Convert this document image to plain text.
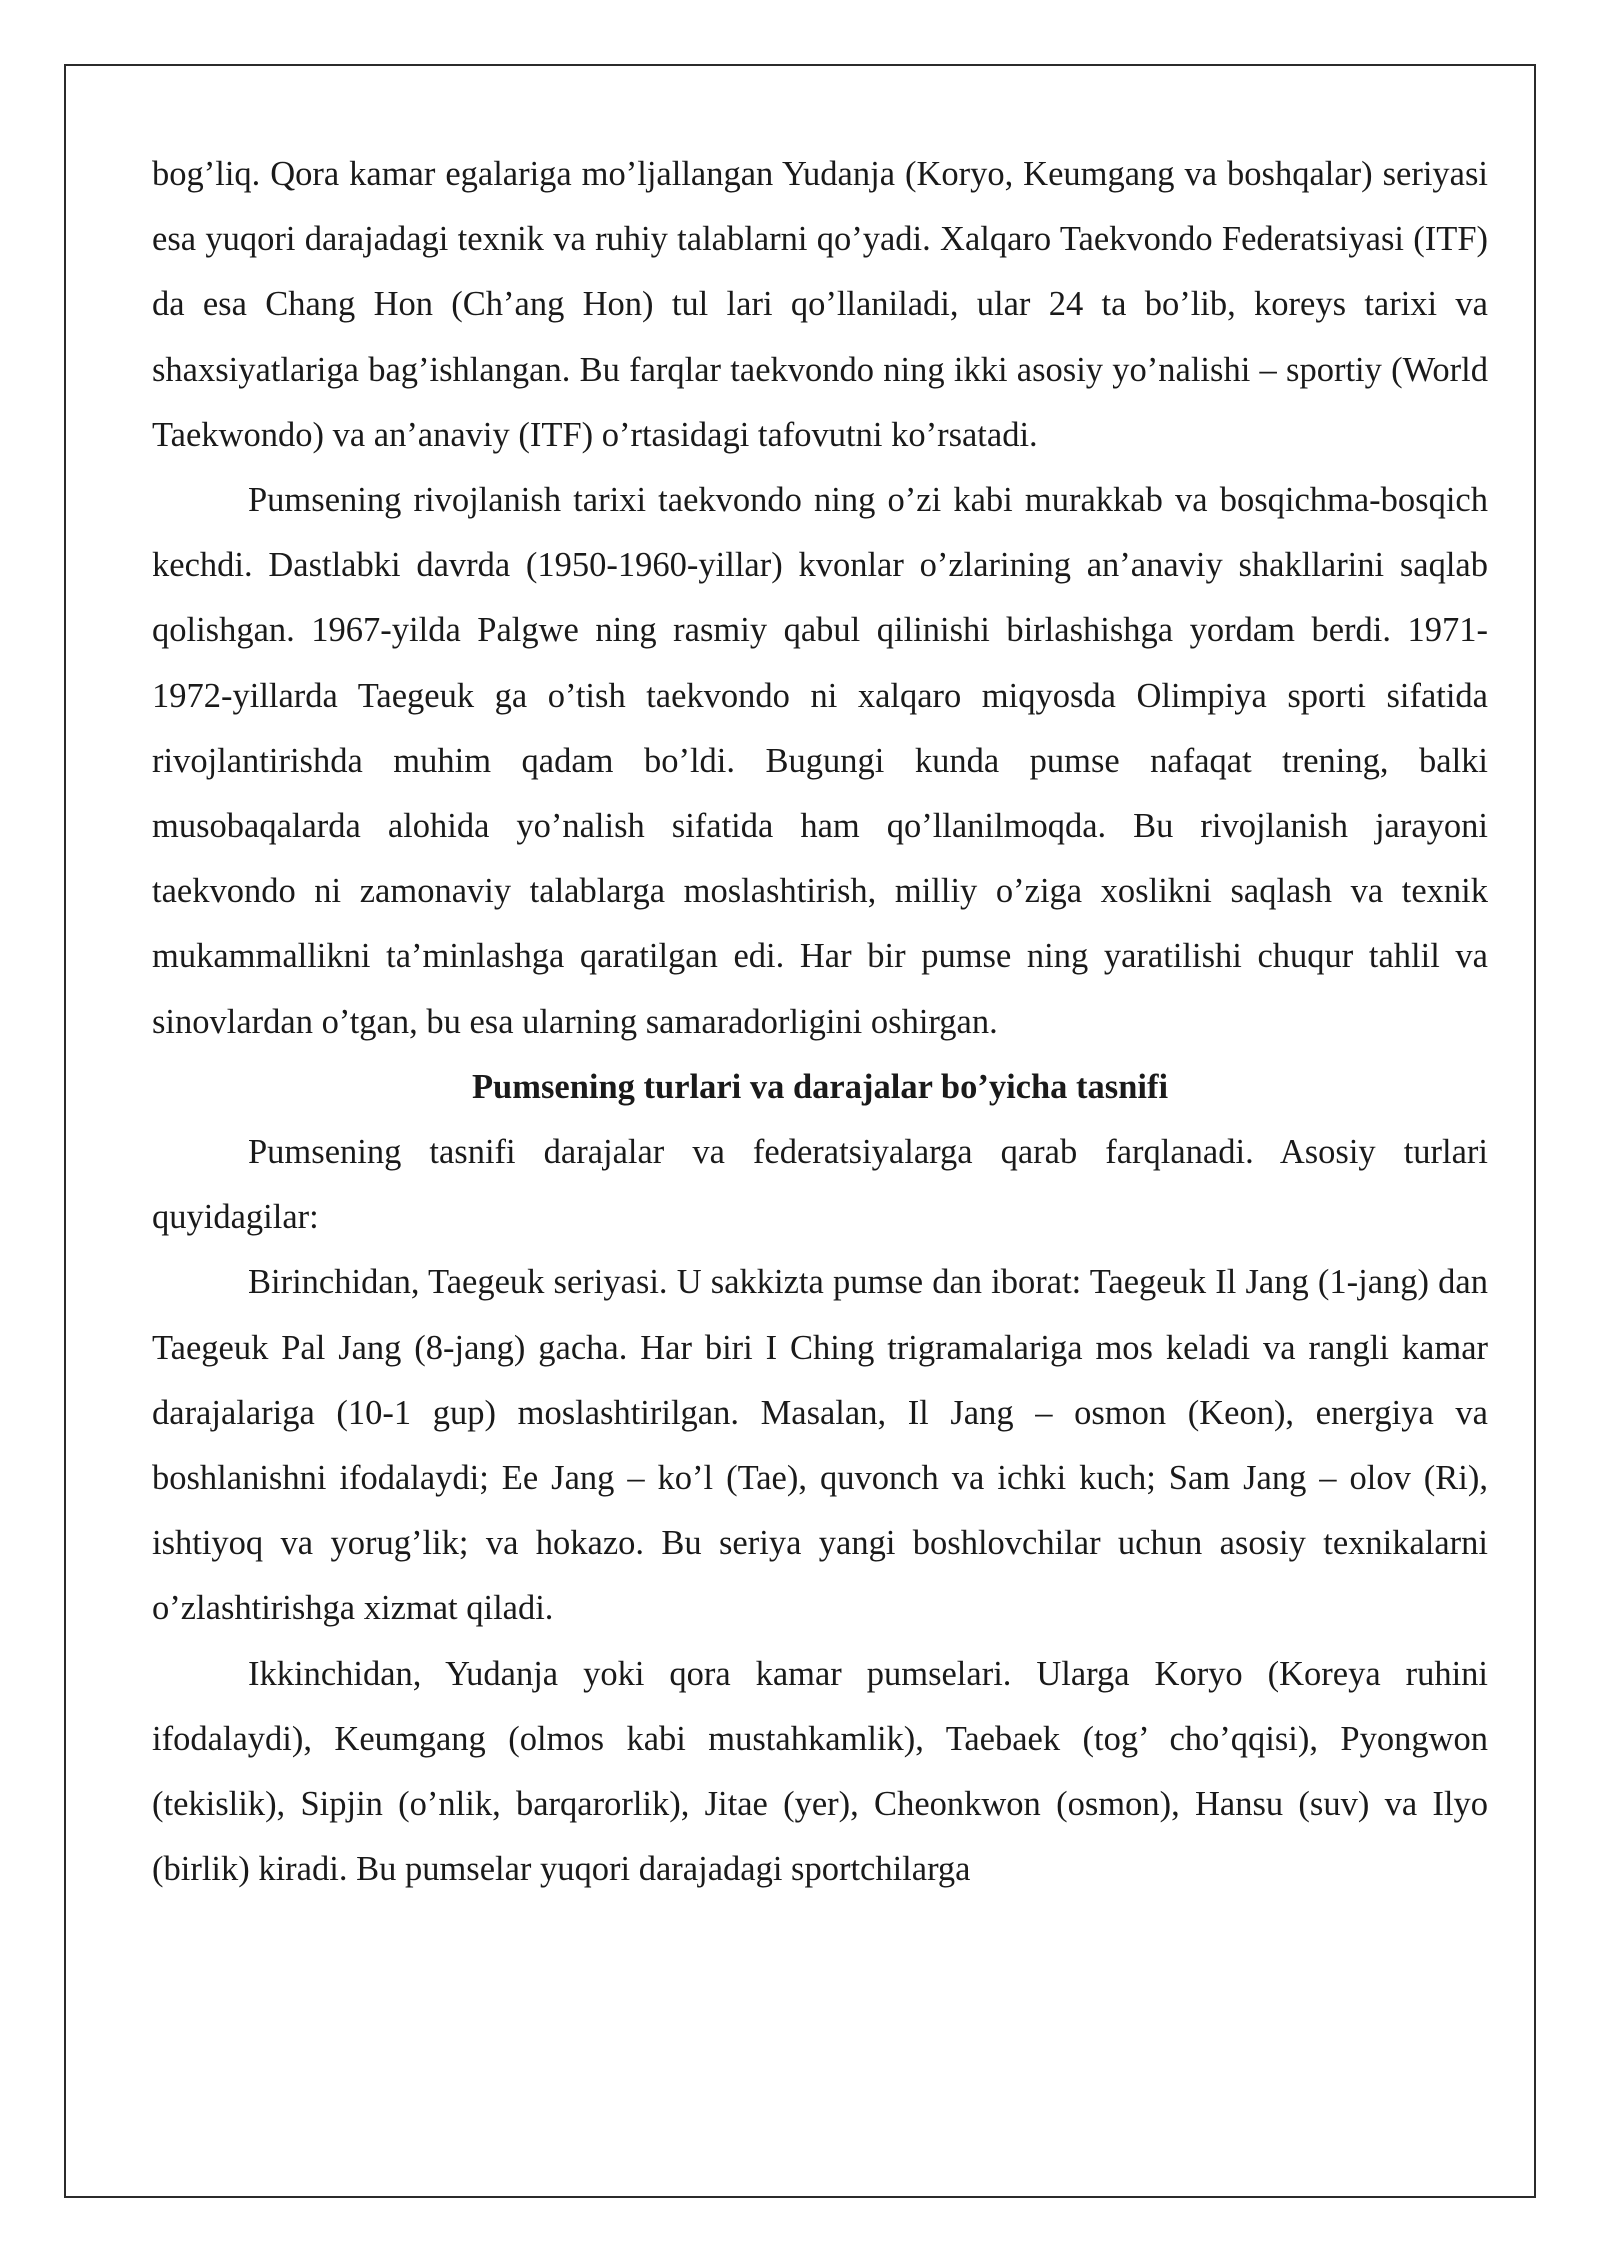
bog’liq. Qora kamar egalariga mo’ljallangan Yudanja (Koryo, Keumgang va boshqalar) seriyasi esa yuqori darajadagi texnik va ruhiy talablarni qo’yadi. Xalqaro Taekvondo Federatsiyasi (ITF) da esa Chang Hon (Ch’ang Hon) tul lari qo’llaniladi, ular 24 ta bo’lib, koreys tarixi va shaxsiyatlariga bag’ishlangan. Bu farqlar taekvondo ning ikki asosiy yo’nalishi – sportiy (World Taekwondo) va an’anaviy (ITF) o’rtasidagi tafovutni ko’rsatadi.

Pumsening rivojlanish tarixi taekvondo ning o’zi kabi murakkab va bosqichma-bosqich kechdi. Dastlabki davrda (1950-1960-yillar) kvonlar o’zlarining an’anaviy shakllarini saqlab qolishgan. 1967-yilda Palgwe ning rasmiy qabul qilinishi birlashishga yordam berdi. 1971-1972-yillarda Taegeuk ga o’tish taekvondo ni xalqaro miqyosda Olimpiya sporti sifatida rivojlantirishda muhim qadam bo’ldi. Bugungi kunda pumse nafaqat trening, balki musobaqalarda alohida yo’nalish sifatida ham qo’llanilmoqda. Bu rivojlanish jarayoni taekvondo ni zamonaviy talablarga moslashtirish, milliy o’ziga xoslikni saqlash va texnik mukammallikni ta’minlashga qaratilgan edi. Har bir pumse ning yaratilishi chuqur tahlil va sinovlardan o’tgan, bu esa ularning samaradorligini oshirgan.

Pumsening turlari va darajalar bo’yicha tasnifi

Pumsening tasnifi darajalar va federatsiyalarga qarab farqlanadi. Asosiy turlari quyidagilar:

Birinchidan, Taegeuk seriyasi. U sakkizta pumse dan iborat: Taegeuk Il Jang (1-jang) dan Taegeuk Pal Jang (8-jang) gacha. Har biri I Ching trigramalariga mos keladi va rangli kamar darajalariga (10-1 gup) moslashtirilgan. Masalan, Il Jang – osmon (Keon), energiya va boshlanishni ifodalaydi; Ee Jang – ko’l (Tae), quvonch va ichki kuch; Sam Jang – olov (Ri), ishtiyoq va yorug’lik; va hokazo. Bu seriya yangi boshlovchilar uchun asosiy texnikalarni o’zlashtirishga xizmat qiladi.

Ikkinchidan, Yudanja yoki qora kamar pumselari. Ularga Koryo (Koreya ruhini ifodalaydi), Keumgang (olmos kabi mustahkamlik), Taebaek (tog’ cho’qqisi), Pyongwon (tekislik), Sipjin (o’nlik, barqarorlik), Jitae (yer), Cheonkwon (osmon), Hansu (suv) va Ilyo (birlik) kiradi. Bu pumselar yuqori darajadagi sportchilarga
